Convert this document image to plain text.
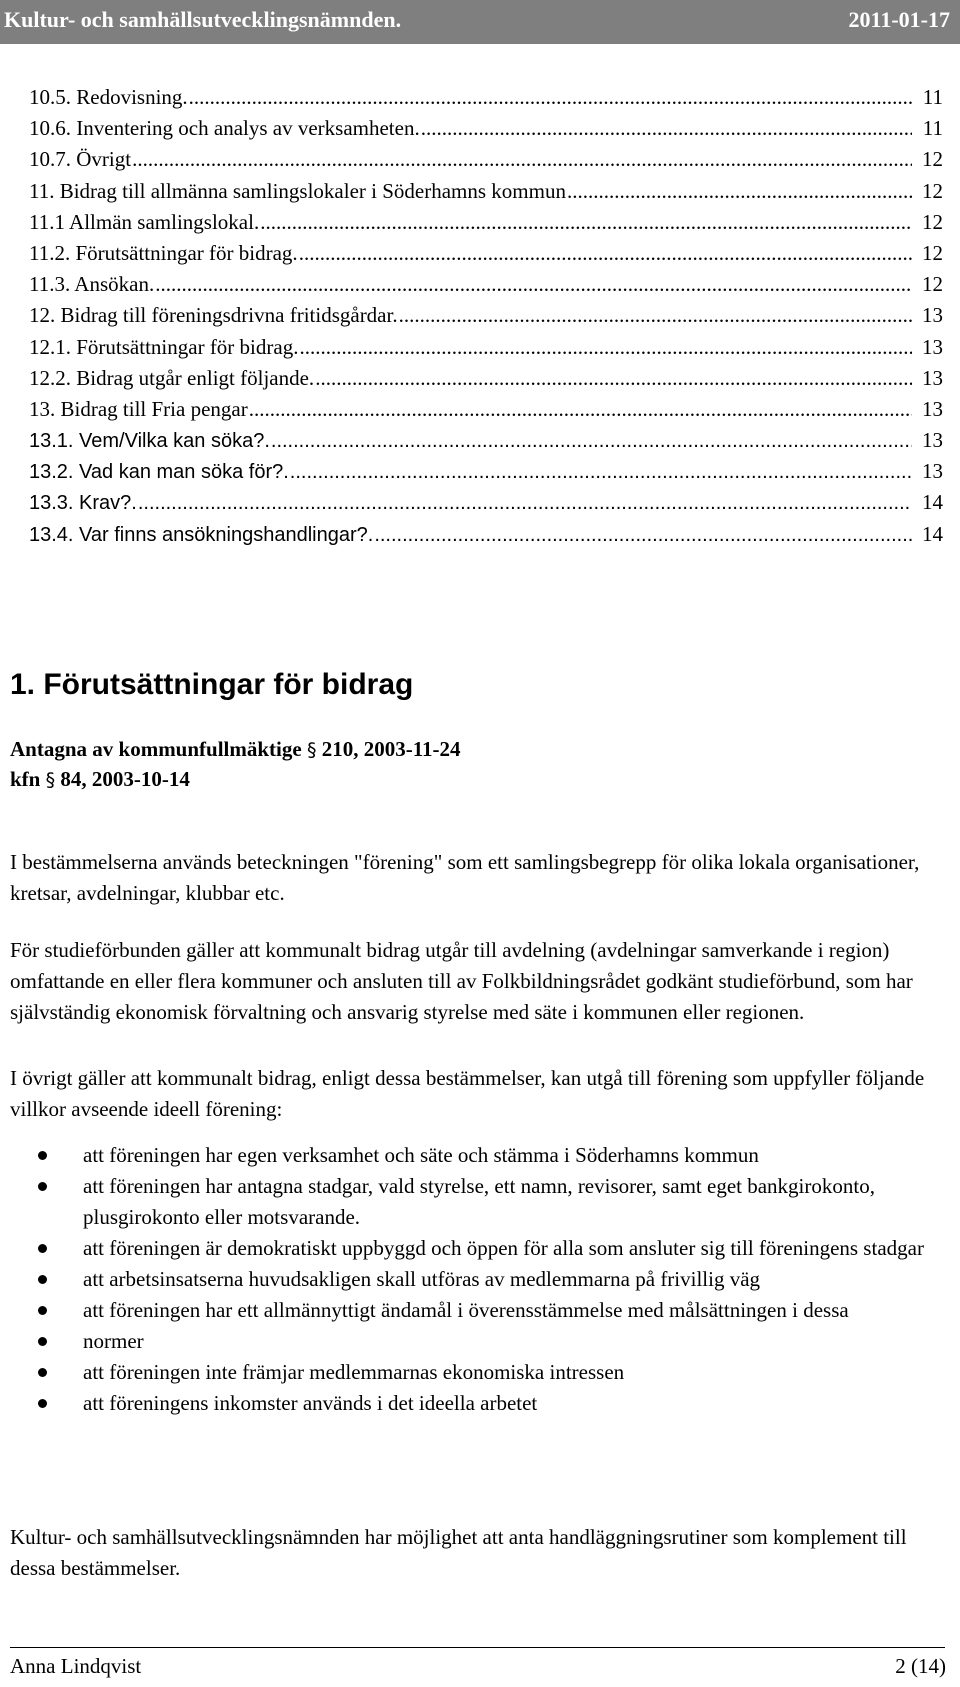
Kultur- och samhällsutvecklingsnämnden.	2011-01-17
10.5. Redovisning. .....	11
10.6. Inventering och analys av verksamheten. .....	11
10.7. Övrigt .....	12
11. Bidrag till allmänna samlingslokaler i Söderhamns kommun .....	12
11.1 Allmän samlingslokal. .....	12
11.2. Förutsättningar för bidrag. .....	12
11.3. Ansökan. .....	12
12. Bidrag till föreningsdrivna fritidsgårdar. .....	13
12.1. Förutsättningar för bidrag. .....	13
12.2. Bidrag utgår enligt följande. .....	13
13. Bidrag till Fria pengar .....	13
13.1. Vem/Vilka kan söka?. .....	13
13.2. Vad kan man söka för?. .....	13
13.3. Krav?. .....	14
13.4. Var finns ansökningshandlingar?. .....	14
1. Förutsättningar för bidrag
Antagna av kommunfullmäktige § 210, 2003-11-24
kfn § 84, 2003-10-14

I bestämmelserna används beteckningen "förening" som ett samlingsbegrepp för olika lokala organisationer, kretsar, avdelningar, klubbar etc.

För studieförbunden gäller att kommunalt bidrag utgår till avdelning (avdelningar samverkande i region) omfattande en eller flera kommuner och ansluten till av Folkbildningsrådet godkänt studieförbund, som har självständig ekonomisk förvaltning och ansvarig styrelse med säte i kommunen eller regionen.

I övrigt gäller att kommunalt bidrag, enligt dessa bestämmelser, kan utgå till förening som uppfyller följande villkor avseende ideell förening:

att föreningen har egen verksamhet och säte och stämma i Söderhamns kommun
att föreningen har antagna stadgar, vald styrelse, ett namn, revisorer, samt eget bankgirokonto, plusgirokonto eller motsvarande.
att föreningen är demokratiskt uppbyggd och öppen för alla som ansluter sig till föreningens stadgar
att arbetsinsatserna huvudsakligen skall utföras av medlemmarna på frivillig väg
att föreningen har ett allmännyttigt ändamål i överensstämmelse med målsättningen i dessa
normer
att föreningen inte främjar medlemmarnas ekonomiska intressen
att föreningens inkomster används i det ideella arbetet

Kultur- och samhällsutvecklingsnämnden har möjlighet att anta handläggningsrutiner som komplement till dessa bestämmelser.

Anna Lindqvist	2 (14)
